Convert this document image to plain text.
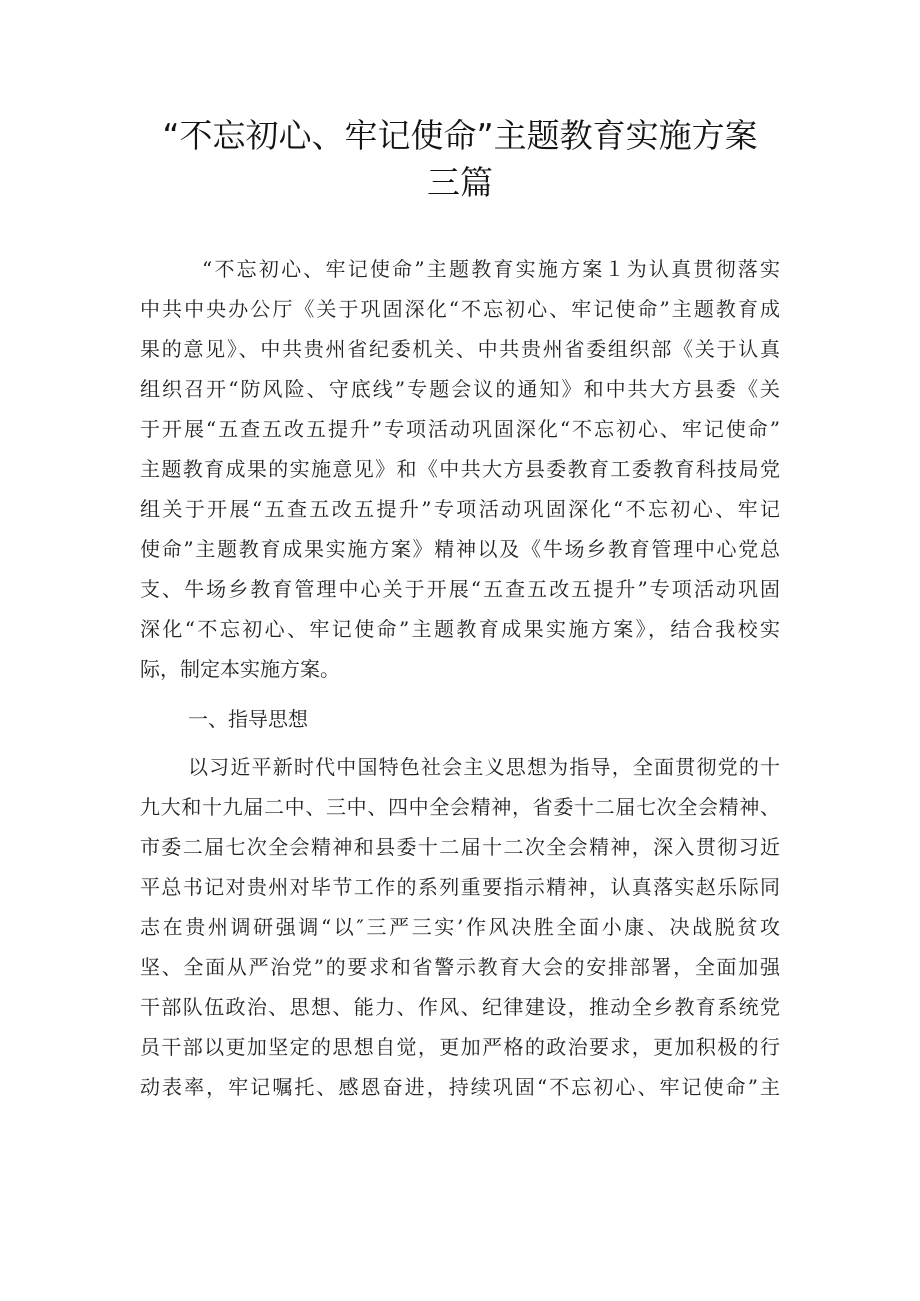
“不忘初心、牢记使命”主题教育实施方案
三篇
“不忘初心、牢记使命”主题教育实施方案１为认真贯彻落实
中共中央办公厅《关于巩固深化“不忘初心、牢记使命”主题教育成
果的意见》、中共贵州省纪委机关、中共贵州省委组织部《关于认真
组织召开“防风险、守底线”专题会议的通知》和中共大方县委《关
于开展“五查五改五提升”专项活动巩固深化“不忘初心、牢记使命”
主题教育成果的实施意见》和《中共大方县委教育工委教育科技局党
组关于开展“五查五改五提升”专项活动巩固深化“不忘初心、牢记
使命”主题教育成果实施方案》精神以及《牛场乡教育管理中心党总
支、牛场乡教育管理中心关于开展“五查五改五提升”专项活动巩固
深化“不忘初心、牢记使命”主题教育成果实施方案》，结合我校实
际，制定本实施方案。
一、指导思想
以习近平新时代中国特色社会主义思想为指导，全面贯彻党的十
九大和十九届二中、三中、四中全会精神，省委十二届七次全会精神、
市委二届七次全会精神和县委十二届十二次全会精神，深入贯彻习近
平总书记对贵州对毕节工作的系列重要指示精神，认真落实赵乐际同
志在贵州调研强调“以″三严三实’作风决胜全面小康、决战脱贫攻
坚、全面从严治党”的要求和省警示教育大会的安排部署，全面加强
干部队伍政治、思想、能力、作风、纪律建设，推动全乡教育系统党
员干部以更加坚定的思想自觉，更加严格的政治要求，更加积极的行
动表率，牢记嘱托、感恩奋进，持续巩固“不忘初心、牢记使命”主
